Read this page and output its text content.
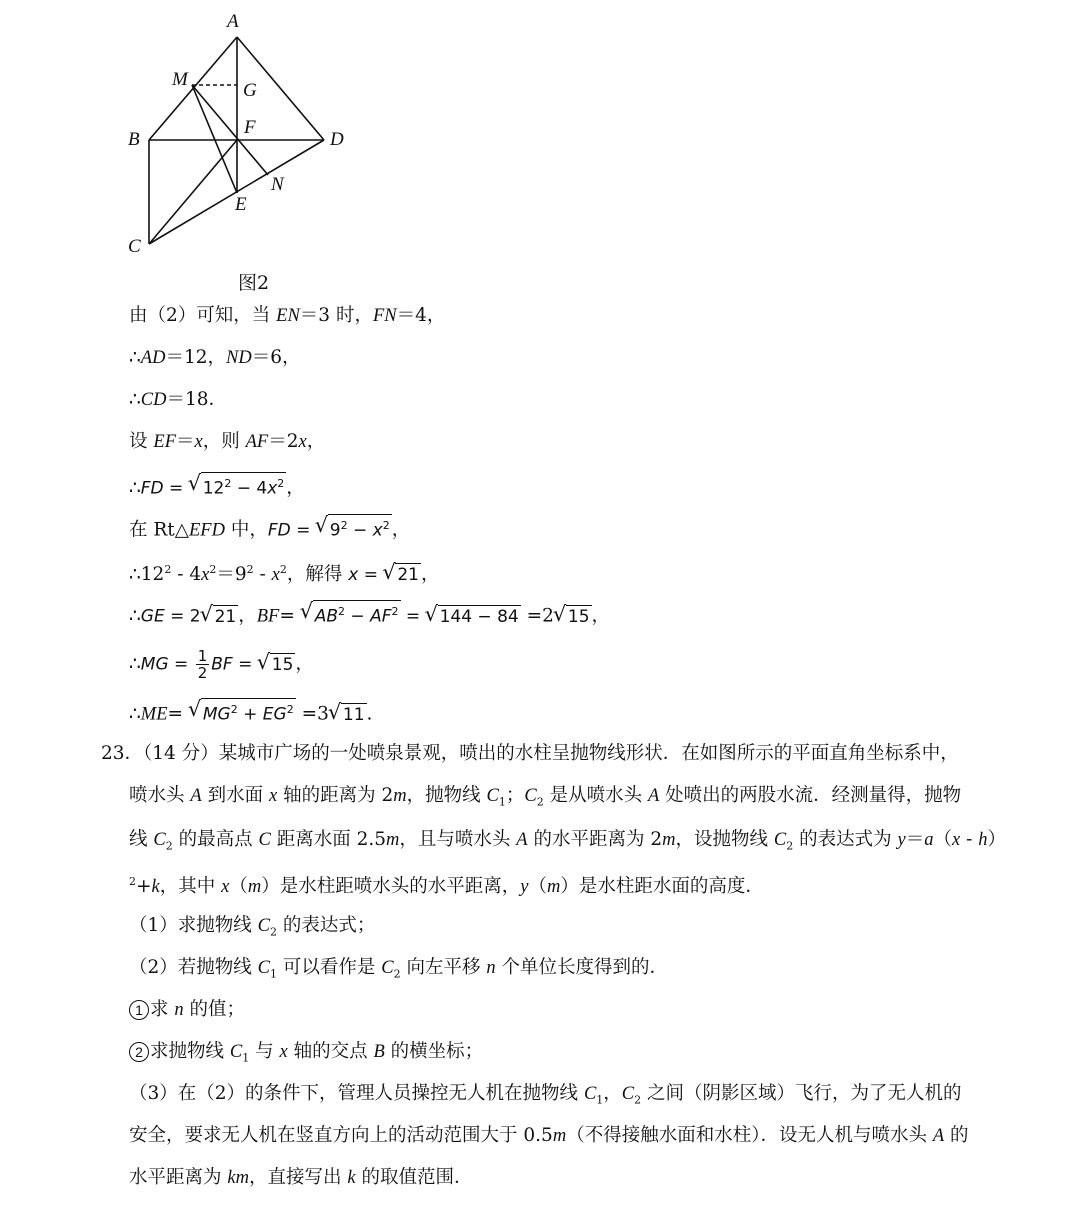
A
M
G
B
F
D
N
E
C
图2
由（2）可知，当 EN＝3 时，FN＝4，
∴AD＝12，ND＝6，
∴CD＝18．
设 EF＝x，则 AF＝2x，
∴FD = √ $12^2 - 4x^2$ ，
在 Rt△EFD 中，FD = √ $9^2 - x^2$ ，
$\therefore 12^2 - 4x^2=9^2 - x^2$，解得 x = √ 21 ，
∴GE = 2√ 21 ，BF= √ $AB^2 - AF^2$ = √ 144 − 84 =2√ 15 ，
∴MG = $\frac{1}{2}$ BF = √ 15 ，
∴ME= √ $MG^2 + EG^2 =3√$ 11 .
23．（14 分）某城市广场的一处喷泉景观，喷出的水柱呈抛物线形状．在如图所示的平面直角坐标系中，
喷水头 A 到水面 x 轴的距离为 2m，抛物线 $C_1$；$C_2$ 是从喷水头 A 处喷出的两股水流．经测量得，抛物
线 $C_2$ 的最高点 C 距离水面 2.5m，且与喷水头 A 的水平距离为 2m，设抛物线 $C_2$ 的表达式为 y＝a（x - h）
$^2$+k，其中 x（m）是水柱距喷水头的水平距离，y（m）是水柱距水面的高度．
（1）求抛物线 $C_2$ 的表达式；
（2）若抛物线 $C_1$ 可以看作是 $C_2$ 向左平移 n 个单位长度得到的．
1 求 n 的值；
2 求抛物线 $C_1$ 与 x 轴的交点 B 的横坐标；
（3）在（2）的条件下，管理人员操控无人机在抛物线 $C_1$，$C_2$ 之间（阴影区域）飞行，为了无人机的
安全，要求无人机在竖直方向上的活动范围大于 0.5m（不得接触水面和水柱）．设无人机与喷水头 A 的
水平距离为 km，直接写出 k 的取值范围．
